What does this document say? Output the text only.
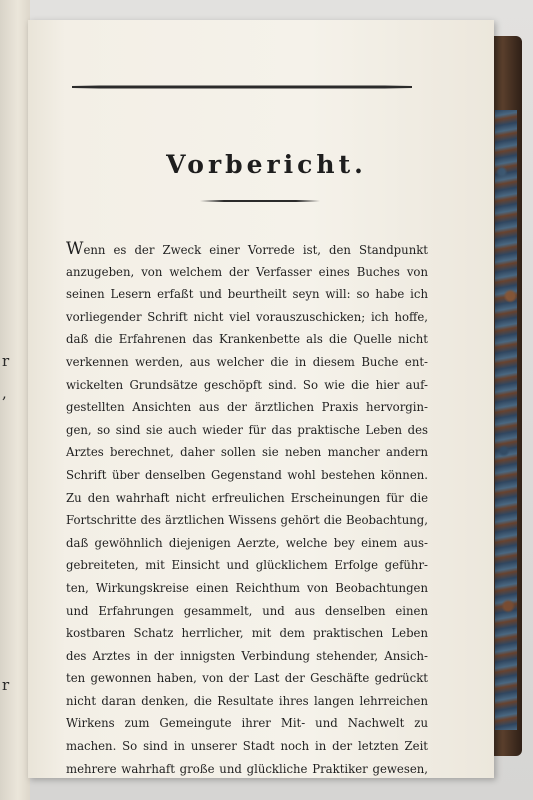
r
,
r
Vorbericht.
Wenn es der Zweck einer Vorrede ist, den Standpunkt
anzugeben, von welchem der Verfasser eines Buches von
seinen Lesern erfaßt und beurtheilt seyn will: so habe ich
vorliegender Schrift nicht viel vorauszuschicken; ich hoffe,
daß die Erfahrenen das Krankenbette als die Quelle nicht
verkennen werden, aus welcher die in diesem Buche ent-
wickelten Grundsätze geschöpft sind. So wie die hier auf-
gestellten Ansichten aus der ärztlichen Praxis hervorgin-
gen, so sind sie auch wieder für das praktische Leben des
Arztes berechnet, daher sollen sie neben mancher andern
Schrift über denselben Gegenstand wohl bestehen können.
Zu den wahrhaft nicht erfreulichen Erscheinungen für die
Fortschritte des ärztlichen Wissens gehört die Beobachtung,
daß gewöhnlich diejenigen Aerzte, welche bey einem aus-
gebreiteten, mit Einsicht und glücklichem Erfolge geführ-
ten, Wirkungskreise einen Reichthum von Beobachtungen
und Erfahrungen gesammelt, und aus denselben einen
kostbaren Schatz herrlicher, mit dem praktischen Leben
des Arztes in der innigsten Verbindung stehender, Ansich-
ten gewonnen haben, von der Last der Geschäfte gedrückt
nicht daran denken, die Resultate ihres langen lehrreichen
Wirkens zum Gemeingute ihrer Mit- und Nachwelt zu
machen. So sind in unserer Stadt noch in der letzten Zeit
mehrere wahrhaft große und glückliche Praktiker gewesen,
